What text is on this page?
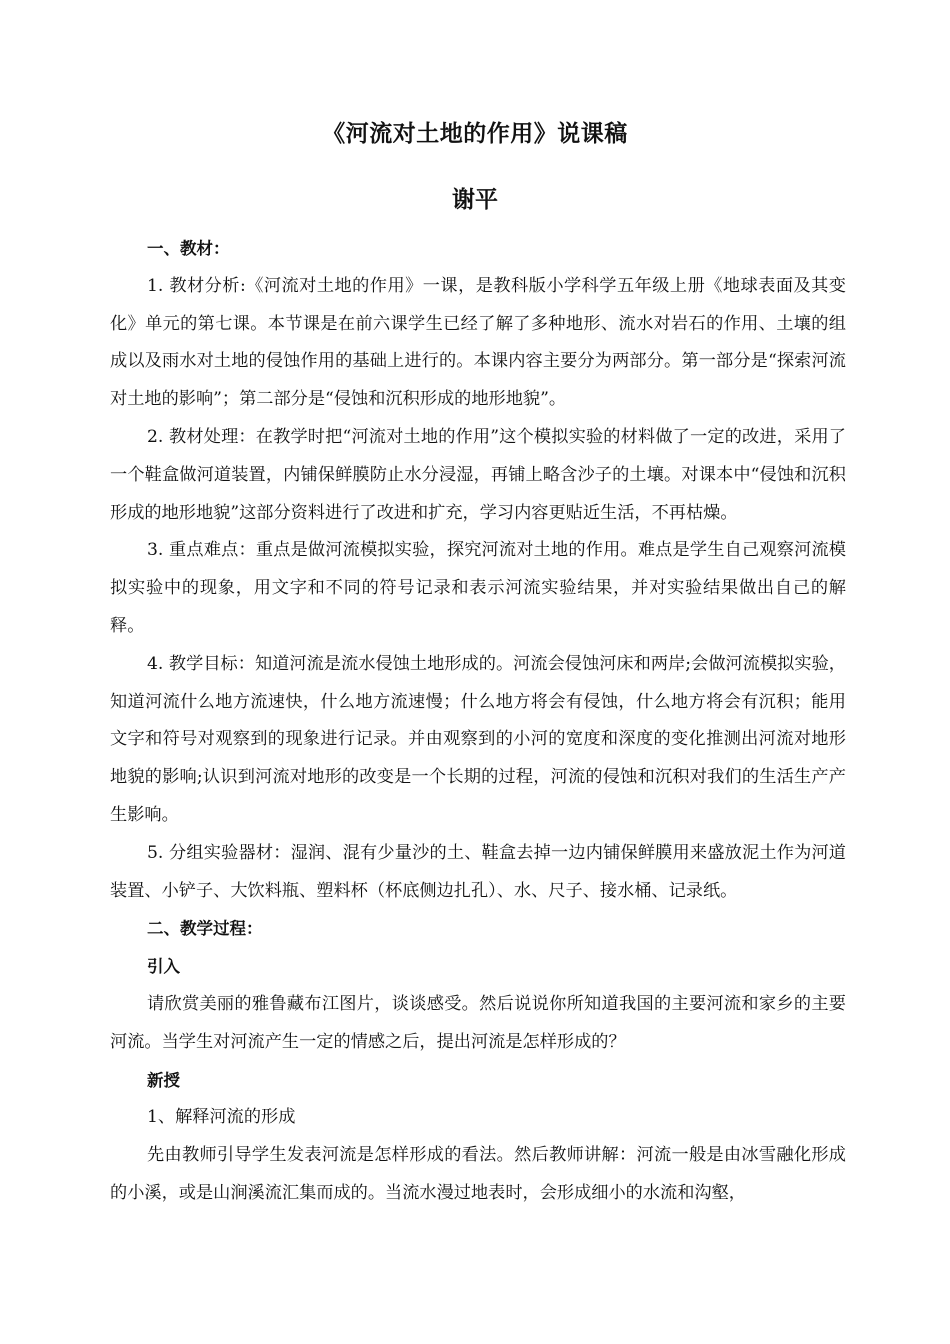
《河流对土地的作用》说课稿
谢平

一、教材：

1. 教材分析:《河流对土地的作用》一课，是教科版小学科学五年级上册《地球表面及其变化》单元的第七课。本节课是在前六课学生已经了解了多种地形、流水对岩石的作用、土壤的组成以及雨水对土地的侵蚀作用的基础上进行的。本课内容主要分为两部分。第一部分是“探索河流对土地的影响”；第二部分是“侵蚀和沉积形成的地形地貌”。

2. 教材处理：在教学时把“河流对土地的作用”这个模拟实验的材料做了一定的改进，采用了一个鞋盒做河道装置，内铺保鲜膜防止水分浸湿，再铺上略含沙子的土壤。对课本中“侵蚀和沉积形成的地形地貌”这部分资料进行了改进和扩充，学习内容更贴近生活，不再枯燥。

3. 重点难点：重点是做河流模拟实验，探究河流对土地的作用。难点是学生自己观察河流模拟实验中的现象，用文字和不同的符号记录和表示河流实验结果，并对实验结果做出自己的解释。

4. 教学目标：知道河流是流水侵蚀土地形成的。河流会侵蚀河床和两岸;会做河流模拟实验，知道河流什么地方流速快，什么地方流速慢；什么地方将会有侵蚀，什么地方将会有沉积；能用文字和符号对观察到的现象进行记录。并由观察到的小河的宽度和深度的变化推测出河流对地形地貌的影响;认识到河流对地形的改变是一个长期的过程，河流的侵蚀和沉积对我们的生活生产产生影响。

5. 分组实验器材：湿润、混有少量沙的土、鞋盒去掉一边内铺保鲜膜用来盛放泥土作为河道装置、小铲子、大饮料瓶、塑料杯（杯底侧边扎孔）、水、尺子、接水桶、记录纸。

二、教学过程：

引入

请欣赏美丽的雅鲁藏布江图片，谈谈感受。然后说说你所知道我国的主要河流和家乡的主要河流。当学生对河流产生一定的情感之后，提出河流是怎样形成的？

新授

1、解释河流的形成

先由教师引导学生发表河流是怎样形成的看法。然后教师讲解：河流一般是由冰雪融化形成的小溪，或是山涧溪流汇集而成的。当流水漫过地表时，会形成细小的水流和沟壑，
